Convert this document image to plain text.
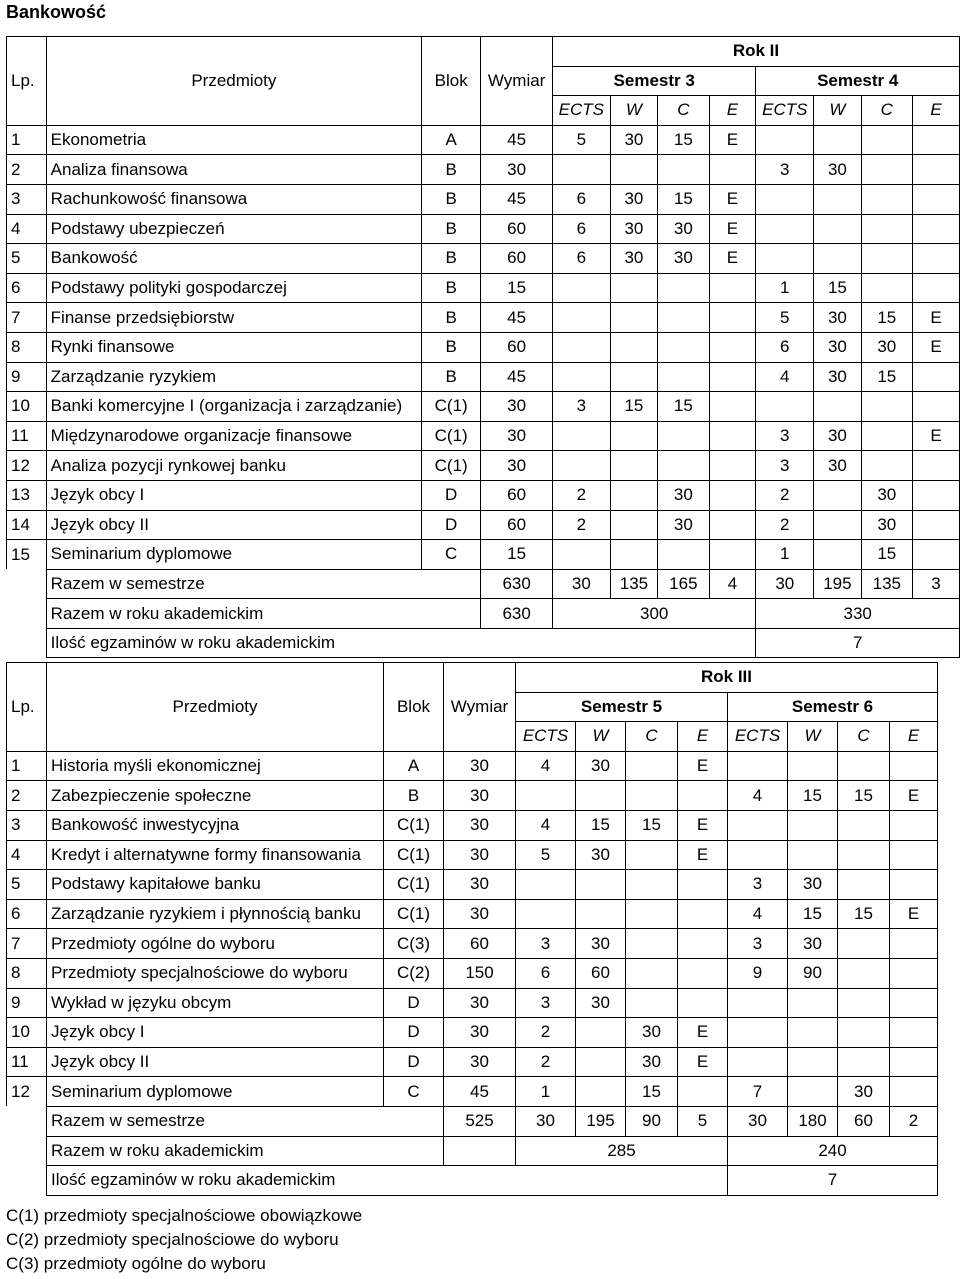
Bankowość
				Rok II							
Lp.	Przedmioty	Blok	Wymiar	Semestr 3				Semestr 4			
				ECTS	W	C	E	ECTS	W	C	E
1	Ekonometria	A	45	5	30	15	E				
2	Analiza finansowa	B	30					3	30		
3	Rachunkowość finansowa	B	45	6	30	15	E				
4	Podstawy ubezpieczeń	B	60	6	30	30	E				
5	Bankowość	B	60	6	30	30	E				
6	Podstawy polityki gospodarczej	B	15					1	15		
7	Finanse przedsiębiorstw	B	45					5	30	15	E
8	Rynki finansowe	B	60					6	30	30	E
9	Zarządzanie ryzykiem	B	45					4	30	15	
10	Banki komercyjne I (organizacja i zarządzanie)	C(1)	30	3	15	15					
11	Międzynarodowe organizacje finansowe	C(1)	30					3	30		E
12	Analiza pozycji rynkowej banku	C(1)	30					3	30		
13	Język obcy I	D	60	2		30		2		30	
14	Język obcy II	D	60	2		30		2		30	
15	Seminarium dyplomowe	C	15					1		15	
	Razem w semestrze		630	30	135	165	4	30	195	135	3
	Razem w roku akademickim		630	300				330			
	Ilość egzaminów w roku akademickim							7			
				Rok III							
Lp.	Przedmioty	Blok	Wymiar	Semestr 5				Semestr 6			
				ECTS	W	C	E	ECTS	W	C	E
1	Historia myśli ekonomicznej	A	30	4	30		E				
2	Zabezpieczenie społeczne	B	30					4	15	15	E
3	Bankowość inwestycyjna	C(1)	30	4	15	15	E				
4	Kredyt i alternatywne formy finansowania	C(1)	30	5	30		E				
5	Podstawy kapitałowe banku	C(1)	30					3	30		
6	Zarządzanie ryzykiem i płynnością banku	C(1)	30					4	15	15	E
7	Przedmioty ogólne do wyboru	C(3)	60	3	30			3	30		
8	Przedmioty specjalnościowe do wyboru	C(2)	150	6	60			9	90		
9	Wykład w języku obcym	D	30	3	30						
10	Język obcy I	D	30	2		30	E				
11	Język obcy II	D	30	2		30	E				
12	Seminarium dyplomowe	C	45	1		15		7		30	
	Razem w semestrze		525	30	195	90	5	30	180	60	2
	Razem w roku akademickim			285				240			
	Ilość egzaminów w roku akademickim							7			
C(1) przedmioty specjalnościowe obowiązkowe
C(2) przedmioty specjalnościowe do wyboru
C(3) przedmioty ogólne do wyboru
